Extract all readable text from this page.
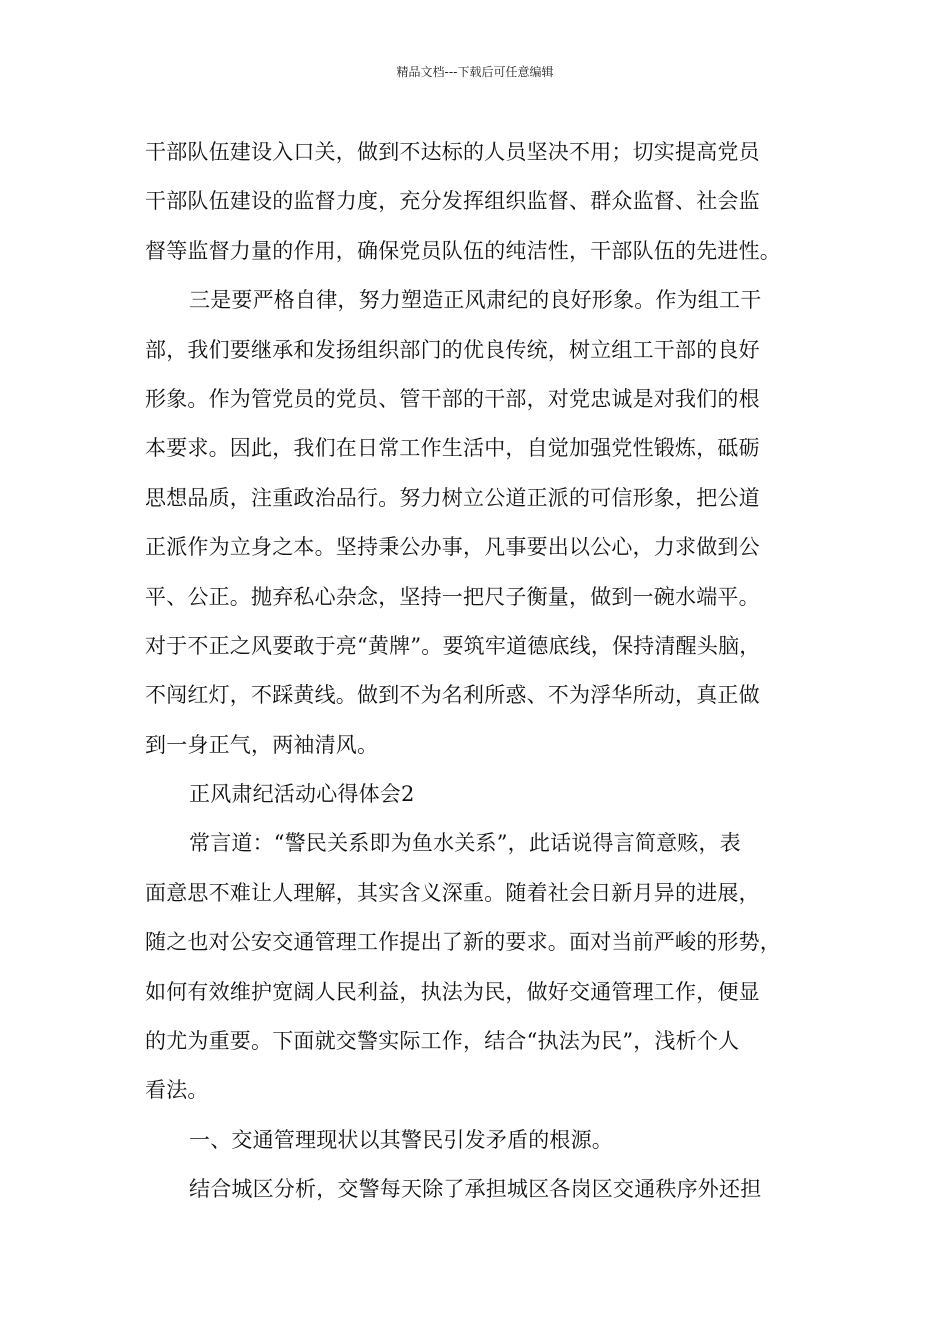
精品文档---下载后可任意编辑
干部队伍建设入口关，做到不达标的人员坚决不用；切实提高党员
干部队伍建设的监督力度，充分发挥组织监督、群众监督、社会监
督等监督力量的作用，确保党员队伍的纯洁性，干部队伍的先进性。
三是要严格自律，努力塑造正风肃纪的良好形象。作为组工干
部，我们要继承和发扬组织部门的优良传统，树立组工干部的良好
形象。作为管党员的党员、管干部的干部，对党忠诚是对我们的根
本要求。因此，我们在日常工作生活中，自觉加强党性锻炼，砥砺
思想品质，注重政治品行。努力树立公道正派的可信形象，把公道
正派作为立身之本。坚持秉公办事，凡事要出以公心，力求做到公
平、公正。抛弃私心杂念，坚持一把尺子衡量，做到一碗水端平。
对于不正之风要敢于亮“黄牌”。要筑牢道德底线，保持清醒头脑，
不闯红灯，不踩黄线。做到不为名利所惑、不为浮华所动，真正做
到一身正气，两袖清风。
正风肃纪活动心得体会2
常言道：“警民关系即为鱼水关系”，此话说得言简意赅，表
面意思不难让人理解，其实含义深重。随着社会日新月异的进展，
随之也对公安交通管理工作提出了新的要求。面对当前严峻的形势，
如何有效维护宽阔人民利益，执法为民，做好交通管理工作，便显
的尤为重要。下面就交警实际工作，结合“执法为民”，浅析个人
看法。
一、交通管理现状以其警民引发矛盾的根源。
结合城区分析，交警每天除了承担城区各岗区交通秩序外还担
